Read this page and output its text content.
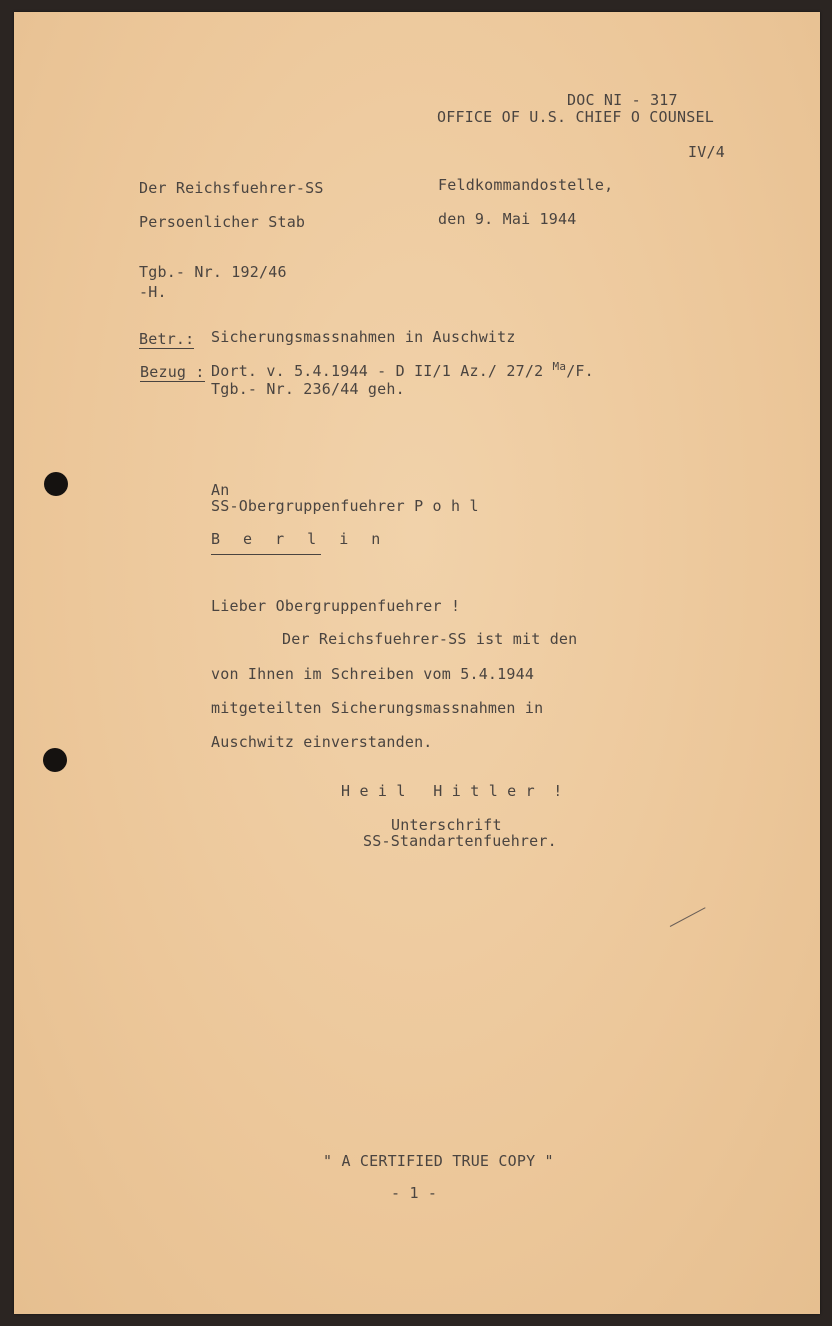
DOC NI - 317
OFFICE OF U.S. CHIEF O COUNSEL
IV/4
Der Reichsfuehrer-SS
Persoenlicher Stab
Feldkommandostelle,
den 9. Mai 1944
Tgb.- Nr. 192/46
-H.
Betr.: Sicherungsmassnahmen in Auschwitz
Bezug : Dort. v. 5.4.1944 - D II/1 Az./ 27/2 $^{Ma}$/F.
Tgb.- Nr. 236/44 geh.
An
SS-Obergruppenfuehrer P o h l
B e r l i n
Lieber Obergruppenfuehrer !
Der Reichsfuehrer-SS ist mit den
von Ihnen im Schreiben vom 5.4.1944
mitgeteilten Sicherungsmassnahmen in
Auschwitz einverstanden.
H e i l   H i t l e r  !
Unterschrift
SS-Standartenfuehrer.
" A CERTIFIED TRUE COPY "
- 1 -
